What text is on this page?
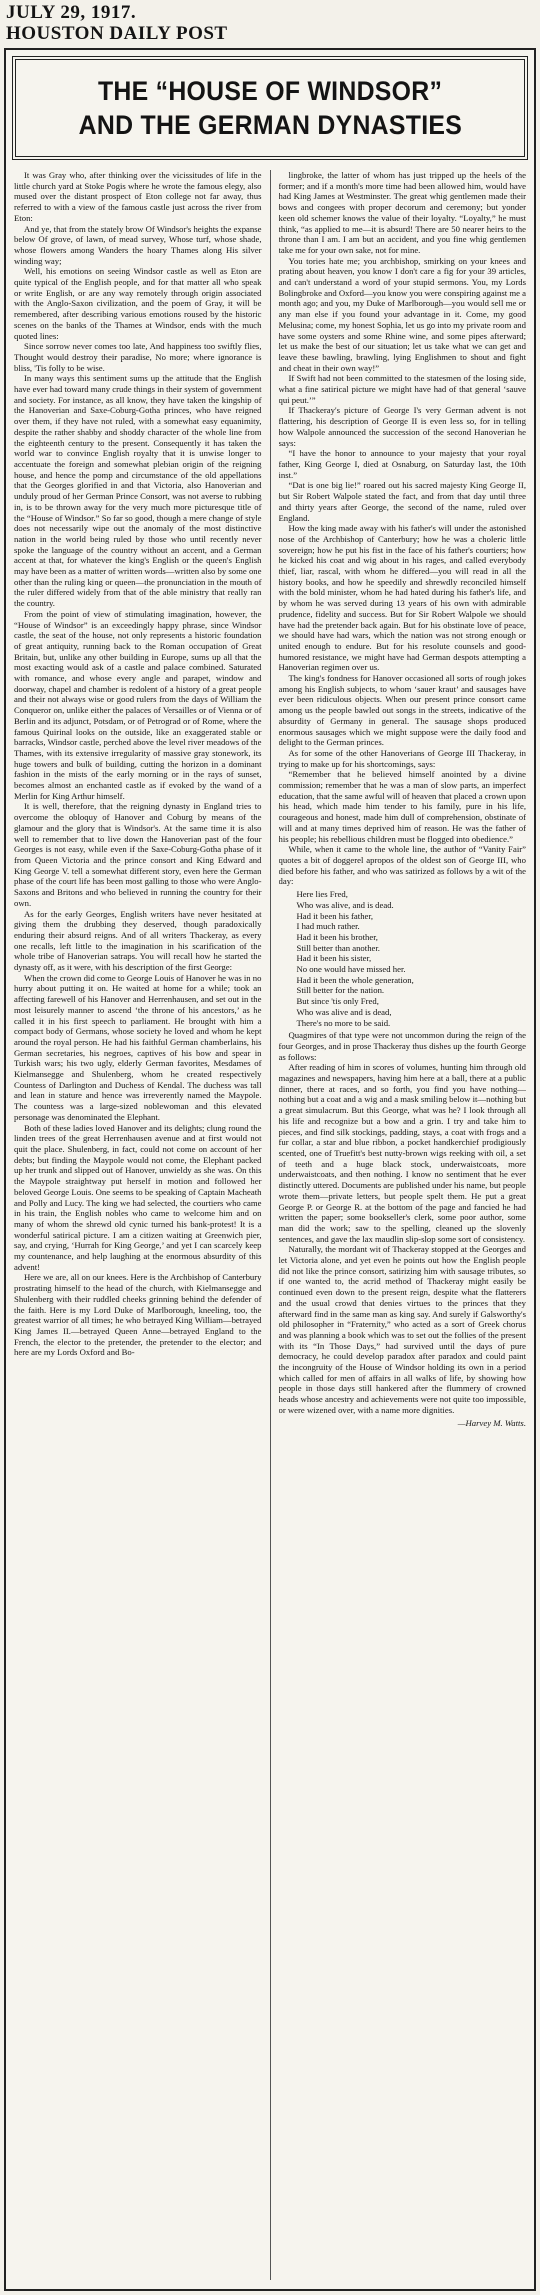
JULY 29, 1917.
HOUSTON DAILY POST
THE “HOUSE OF WINDSOR”
AND THE GERMAN DYNASTIES

It was Gray who, after thinking over the vicissitudes of life in the little church yard at Stoke Pogis where he wrote the famous elegy, also mused over the distant prospect of Eton college not far away, thus referred to with a view of the famous castle just across the river from Eton:

And ye, that from the stately brow Of Windsor's heights the expanse below Of grove, of lawn, of mead survey, Whose turf, whose shade, whose flowers among Wanders the hoary Thames along His silver winding way;

Well, his emotions on seeing Windsor castle as well as Eton are quite typical of the English people, and for that matter all who speak or write English, or are any way remotely through origin associated with the Anglo-Saxon civilization, and the poem of Gray, it will be remembered, after describing various emotions roused by the historic scenes on the banks of the Thames at Windsor, ends with the much quoted lines:

Since sorrow never comes too late, And happiness too swiftly flies, Thought would destroy their paradise, No more; where ignorance is bliss, 'Tis folly to be wise.

In many ways this sentiment sums up the attitude that the English have ever had toward many crude things in their system of government and society. For instance, as all know, they have taken the kingship of the Hanoverian and Saxe-Coburg-Gotha princes, who have reigned over them, if they have not ruled, with a somewhat easy equanimity, despite the rather shabby and shoddy character of the whole line from the eighteenth century to the present. Consequently it has taken the world war to convince English royalty that it is unwise longer to accentuate the foreign and somewhat plebian origin of the reigning house, and hence the pomp and circumstance of the old appellations that the Georges glorified in and that Victoria, also Hanoverian and unduly proud of her German Prince Consort, was not averse to rubbing in, is to be thrown away for the very much more picturesque title of the “House of Windsor.” So far so good, though a mere change of style does not necessarily wipe out the anomaly of the most distinctive nation in the world being ruled by those who until recently never spoke the language of the country without an accent, and a German accent at that, for whatever the king's English or the queen's English may have been as a matter of written words—written also by some one other than the ruling king or queen—the pronunciation in the mouth of the ruler differed widely from that of the able ministry that really ran the country.

From the point of view of stimulating imagination, however, the “House of Windsor” is an exceedingly happy phrase, since Windsor castle, the seat of the house, not only represents a historic foundation of great antiquity, running back to the Roman occupation of Great Britain, but, unlike any other building in Europe, sums up all that the most exacting would ask of a castle and palace combined. Saturated with romance, and whose every angle and parapet, window and doorway, chapel and chamber is redolent of a history of a great people and their not always wise or good rulers from the days of William the Conqueror on, unlike either the palaces of Versailles or of Vienna or of Berlin and its adjunct, Potsdam, or of Petrograd or of Rome, where the famous Quirinal looks on the outside, like an exaggerated stable or barracks, Windsor castle, perched above the level river meadows of the Thames, with its extensive irregularity of massive gray stonework, its huge towers and bulk of building, cutting the horizon in a dominant fashion in the mists of the early morning or in the rays of sunset, becomes almost an enchanted castle as if evoked by the wand of a Merlin for King Arthur himself.

It is well, therefore, that the reigning dynasty in England tries to overcome the obloquy of Hanover and Coburg by means of the glamour and the glory that is Windsor's. At the same time it is also well to remember that to live down the Hanoverian past of the four Georges is not easy, while even if the Saxe-Coburg-Gotha phase of it from Queen Victoria and the prince consort and King Edward and King George V. tell a somewhat different story, even here the German phase of the court life has been most galling to those who were Anglo-Saxons and Britons and who believed in running the country for their own.

As for the early Georges, English writers have never hesitated at giving them the drubbing they deserved, though paradoxically enduring their absurd reigns. And of all writers Thackeray, as every one recalls, left little to the imagination in his scarification of the whole tribe of Hanoverian satraps. You will recall how he started the dynasty off, as it were, with his description of the first George:

When the crown did come to George Louis of Hanover he was in no hurry about putting it on. He waited at home for a while; took an affecting farewell of his Hanover and Herrenhausen, and set out in the most leisurely manner to ascend ‘the throne of his ancestors,’ as he called it in his first speech to parliament. He brought with him a compact body of Germans, whose society he loved and whom he kept around the royal person. He had his faithful German chamberlains, his German secretaries, his negroes, captives of his bow and spear in Turkish wars; his two ugly, elderly German favorites, Mesdames of Kielmansegge and Shulenberg, whom he created respectively Countess of Darlington and Duchess of Kendal. The duchess was tall and lean in stature and hence was irreverently named the Maypole. The countess was a large-sized noblewoman and this elevated personage was denominated the Elephant.

Both of these ladies loved Hanover and its delights; clung round the linden trees of the great Herrenhausen avenue and at first would not quit the place. Shulenberg, in fact, could not come on account of her debts; but finding the Maypole would not come, the Elephant packed up her trunk and slipped out of Hanover, unwieldy as she was. On this the Maypole straightway put herself in motion and followed her beloved George Louis. One seems to be speaking of Captain Macheath and Polly and Lucy. The king we had selected, the courtiers who came in his train, the English nobles who came to welcome him and on many of whom the shrewd old cynic turned his bank-protest! It is a wonderful satirical picture. I am a citizen waiting at Greenwich pier, say, and crying, ‘Hurrah for King George,’ and yet I can scarcely keep my countenance, and help laughing at the enormous absurdity of this advent!

Here we are, all on our knees. Here is the Archbishop of Canterbury prostrating himself to the head of the church, with Kielmansegge and Shulenberg with their ruddled cheeks grinning behind the defender of the faith. Here is my Lord Duke of Marlborough, kneeling, too, the greatest warrior of all times; he who betrayed King William—betrayed King James II.—betrayed Queen Anne—betrayed England to the French, the elector to the pretender, the pretender to the elector; and here are my Lords Oxford and Bo-

lingbroke, the latter of whom has just tripped up the heels of the former; and if a month's more time had been allowed him, would have had King James at Westminster. The great whig gentlemen made their bows and congees with proper decorum and ceremony; but yonder keen old schemer knows the value of their loyalty. “Loyalty,” he must think, “as applied to me—it is absurd! There are 50 nearer heirs to the throne than I am. I am but an accident, and you fine whig gentlemen take me for your own sake, not for mine.

You tories hate me; you archbishop, smirking on your knees and prating about heaven, you know I don't care a fig for your 39 articles, and can't understand a word of your stupid sermons. You, my Lords Bolingbroke and Oxford—you know you were conspiring against me a month ago; and you, my Duke of Marlborough—you would sell me or any man else if you found your advantage in it. Come, my good Melusina; come, my honest Sophia, let us go into my private room and have some oysters and some Rhine wine, and some pipes afterward; let us make the best of our situation; let us take what we can get and leave these bawling, brawling, lying Englishmen to shout and fight and cheat in their own way!”

If Swift had not been committed to the statesmen of the losing side, what a fine satirical picture we might have had of that general ‘sauve qui peut.’”

If Thackeray's picture of George I's very German advent is not flattering, his description of George II is even less so, for in telling how Walpole announced the succession of the second Hanoverian he says:

“I have the honor to announce to your majesty that your royal father, King George I, died at Osnaburg, on Saturday last, the 10th inst.”

“Dat is one big lie!” roared out his sacred majesty King George II, but Sir Robert Walpole stated the fact, and from that day until three and thirty years after George, the second of the name, ruled over England.

How the king made away with his father's will under the astonished nose of the Archbishop of Canterbury; how he was a choleric little sovereign; how he put his fist in the face of his father's courtiers; how he kicked his coat and wig about in his rages, and called everybody thief, liar, rascal, with whom he differed—you will read in all the history books, and how he speedily and shrewdly reconciled himself with the bold minister, whom he had hated during his father's life, and by whom he was served during 13 years of his own with admirable prudence, fidelity and success. But for Sir Robert Walpole we should have had the pretender back again. But for his obstinate love of peace, we should have had wars, which the nation was not strong enough or united enough to endure. But for his resolute counsels and good-humored resistance, we might have had German despots attempting a Hanoverian regimen over us.

The king's fondness for Hanover occasioned all sorts of rough jokes among his English subjects, to whom ‘sauer kraut’ and sausages have ever been ridiculous objects. When our present prince consort came among us the people bawled out songs in the streets, indicative of the absurdity of Germany in general. The sausage shops produced enormous sausages which we might suppose were the daily food and delight to the German princes.

As for some of the other Hanoverians of George III Thackeray, in trying to make up for his shortcomings, says:

“Remember that he believed himself anointed by a divine commission; remember that he was a man of slow parts, an imperfect education, that the same awful will of heaven that placed a crown upon his head, which made him tender to his family, pure in his life, courageous and honest, made him dull of comprehension, obstinate of will and at many times deprived him of reason. He was the father of his people; his rebellious children must be flogged into obedience.”

While, when it came to the whole line, the author of “Vanity Fair” quotes a bit of doggerel apropos of the oldest son of George III, who died before his father, and who was satirized as follows by a wit of the day:

Here lies Fred,
Who was alive, and is dead.
Had it been his father,
I had much rather.
Had it been his brother,
Still better than another.
Had it been his sister,
No one would have missed her.
Had it been the whole generation,
Still better for the nation.
But since 'tis only Fred,
Who was alive and is dead,
There's no more to be said.

Quagmires of that type were not uncommon during the reign of the four Georges, and in prose Thackeray thus dishes up the fourth George as follows:

After reading of him in scores of volumes, hunting him through old magazines and newspapers, having him here at a ball, there at a public dinner, there at races, and so forth, you find you have nothing—nothing but a coat and a wig and a mask smiling below it—nothing but a great simulacrum. But this George, what was he? I look through all his life and recognize but a bow and a grin. I try and take him to pieces, and find silk stockings, padding, stays, a coat with frogs and a fur collar, a star and blue ribbon, a pocket handkerchief prodigiously scented, one of Truefitt's best nutty-brown wigs reeking with oil, a set of teeth and a huge black stock, underwaistcoats, more underwaistcoats, and then nothing. I know no sentiment that he ever distinctly uttered. Documents are published under his name, but people wrote them—private letters, but people spelt them. He put a great George P. or George R. at the bottom of the page and fancied he had written the paper; some bookseller's clerk, some poor author, some man did the work; saw to the spelling, cleaned up the slovenly sentences, and gave the lax maudlin slip-slop some sort of consistency.

Naturally, the mordant wit of Thackeray stopped at the Georges and let Victoria alone, and yet even he points out how the English people did not like the prince consort, satirizing him with sausage tributes, so if one wanted to, the acrid method of Thackeray might easily be continued even down to the present reign, despite what the flatterers and the usual crowd that denies virtues to the princes that they afterward find in the same man as king say. And surely if Galsworthy's old philosopher in “Fraternity,” who acted as a sort of Greek chorus and was planning a book which was to set out the follies of the present with its “In Those Days,” had survived until the days of pure democracy, he could develop paradox after paradox and could paint the incongruity of the House of Windsor holding its own in a period which called for men of affairs in all walks of life, by showing how people in those days still hankered after the flummery of crowned heads whose ancestry and achievements were not quite too impossible, or were wizened over, with a name more dignities.

—Harvey M. Watts.
